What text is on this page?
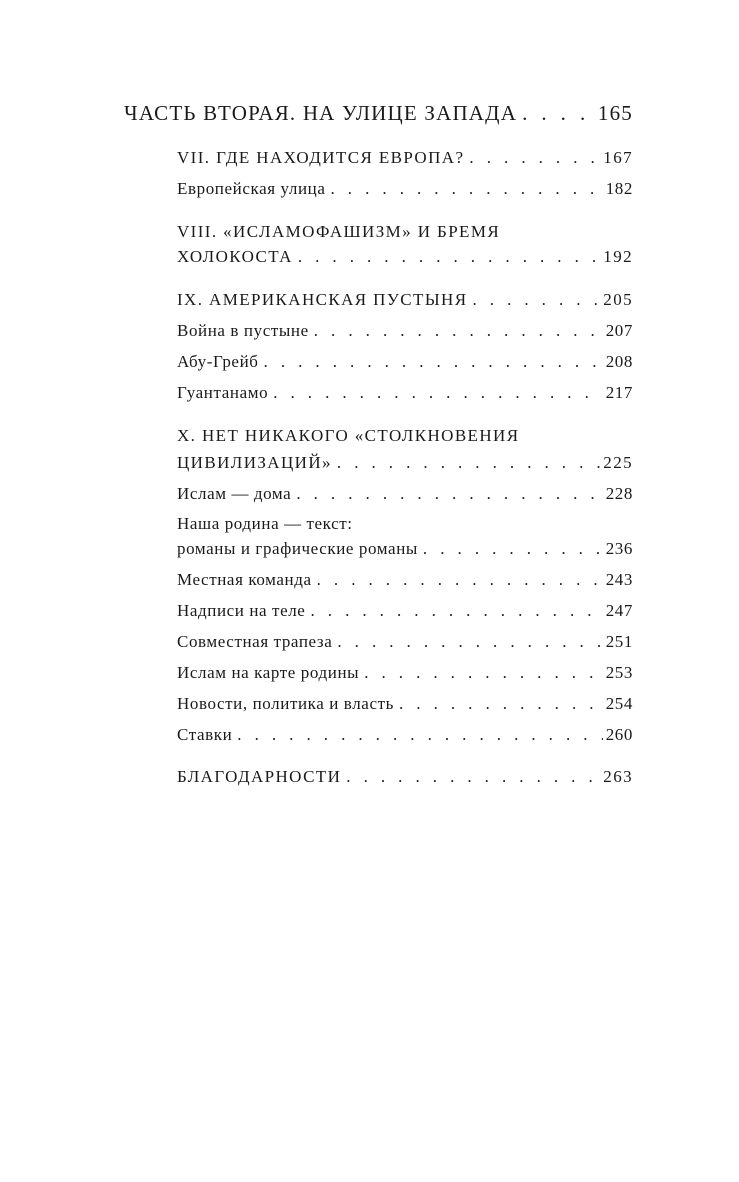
ЧАСТЬ ВТОРАЯ. НА УЛИЦЕ ЗАПАДА . . .	165
VII. ГДЕ НАХОДИТСЯ ЕВРОПА? . . .	167
Европейская улица . . .	182
VIII. «ИСЛАМОФАШИЗМ» И БРЕМЯ
ХОЛОКОСТА . . .	192
IX. АМЕРИКАНСКАЯ ПУСТЫНЯ . . .	205
Война в пустыне . . .	207
Абу-Грейб . . .	208
Гуантанамо . . .	217
X. НЕТ НИКАКОГО «СТОЛКНОВЕНИЯ
ЦИВИЛИЗАЦИЙ» . . .	225
Ислам — дома . . .	228
Наша родина — текст:
романы и графические романы . . .	236
Местная команда . . .	243
Надписи на теле . . .	247
Совместная трапеза . . .	251
Ислам на карте родины . . .	253
Новости, политика и власть . . .	254
Ставки . . .	260
БЛАГОДАРНОСТИ . . .	263
